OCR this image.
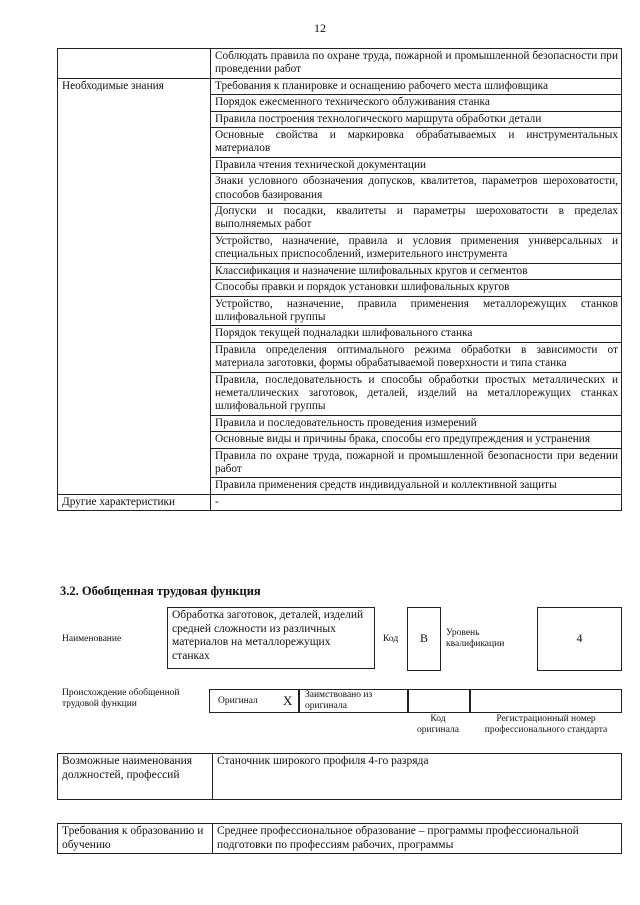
12
	Соблюдать правила по охране труда, пожарной и промышленной безопасности при проведении работ
Необходимые знания	Требования к планировке и оснащению рабочего места шлифовщика
	Порядок ежесменного технического облуживания станка
	Правила построения технологического маршрута обработки детали
	Основные свойства и маркировка обрабатываемых и инструментальных материалов
	Правила чтения технической документации
	Знаки условного обозначения допусков, квалитетов, параметров шероховатости, способов базирования
	Допуски и посадки, квалитеты и параметры шероховатости в пределах выполняемых работ
	Устройство, назначение, правила и условия применения универсальных и специальных приспособлений, измерительного инструмента
	Классификация и назначение шлифовальных кругов и сегментов
	Способы правки и порядок установки шлифовальных кругов
	Устройство, назначение, правила применения металлорежущих станков шлифовальной группы
	Порядок текущей подналадки шлифовального станка
	Правила определения оптимального режима обработки в зависимости от материала заготовки, формы обрабатываемой поверхности и типа станка
	Правила, последовательность и способы обработки простых металлических и неметаллических заготовок, деталей, изделий на металлорежущих станках шлифовальной группы
	Правила и последовательность проведения измерений
	Основные виды и причины брака, способы его предупреждения и устранения
	Правила по охране труда, пожарной и промышленной безопасности при ведении работ
	Правила применения средств индивидуальной и коллективной защиты
Другие характеристики	-
3.2. Обобщенная трудовая функция
Наименование
Обработка заготовок, деталей, изделий средней сложности из различных материалов на металлорежущих станках
Код	В	Уровень квалификации	4
Происхождение обобщенной трудовой функции	Оригинал X Заимствовано из оригинала
Код оригинала
Регистрационный номер профессионального стандарта
Возможные наименования должностей, профессий	Станочник широкого профиля 4-го разряда
Требования к образованию и обучению	Среднее профессиональное образование – программы профессиональной подготовки по профессиям рабочих, программы
